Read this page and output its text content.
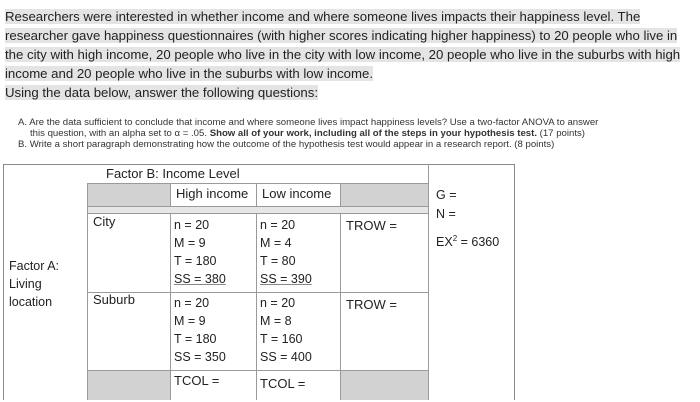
Researchers were interested in whether income and where someone lives impacts their happiness level. The researcher gave happiness questionnaires (with higher scores indicating higher happiness) to 20 people who live in the city with high income, 20 people who live in the city with low income, 20 people who live in the suburbs with high income and 20 people who live in the suburbs with low income.
Using the data below, answer the following questions:
A. Are the data sufficient to conclude that income and where someone lives impact happiness levels? Use a two-factor ANOVA to answer
this question, with an alpha set to α = .05. Show all of your work, including all of the steps in your hypothesis test. (17 points)
B. Write a short paragraph demonstrating how the outcome of the hypothesis test would appear in a research report. (8 points)
Factor B: Income Level
High income Low income
Factor A:
Living
location
City
Suburb
n = 20
M = 9
T = 180
SS = 380
n = 20
M = 4
T = 80
SS = 390
n = 20
M = 9
T = 180
SS = 350
n = 20
M = 8
T = 160
SS = 400
TROW =
TROW =
TCOL =	TCOL =
G =
N =
$EX^2 = 6360$
